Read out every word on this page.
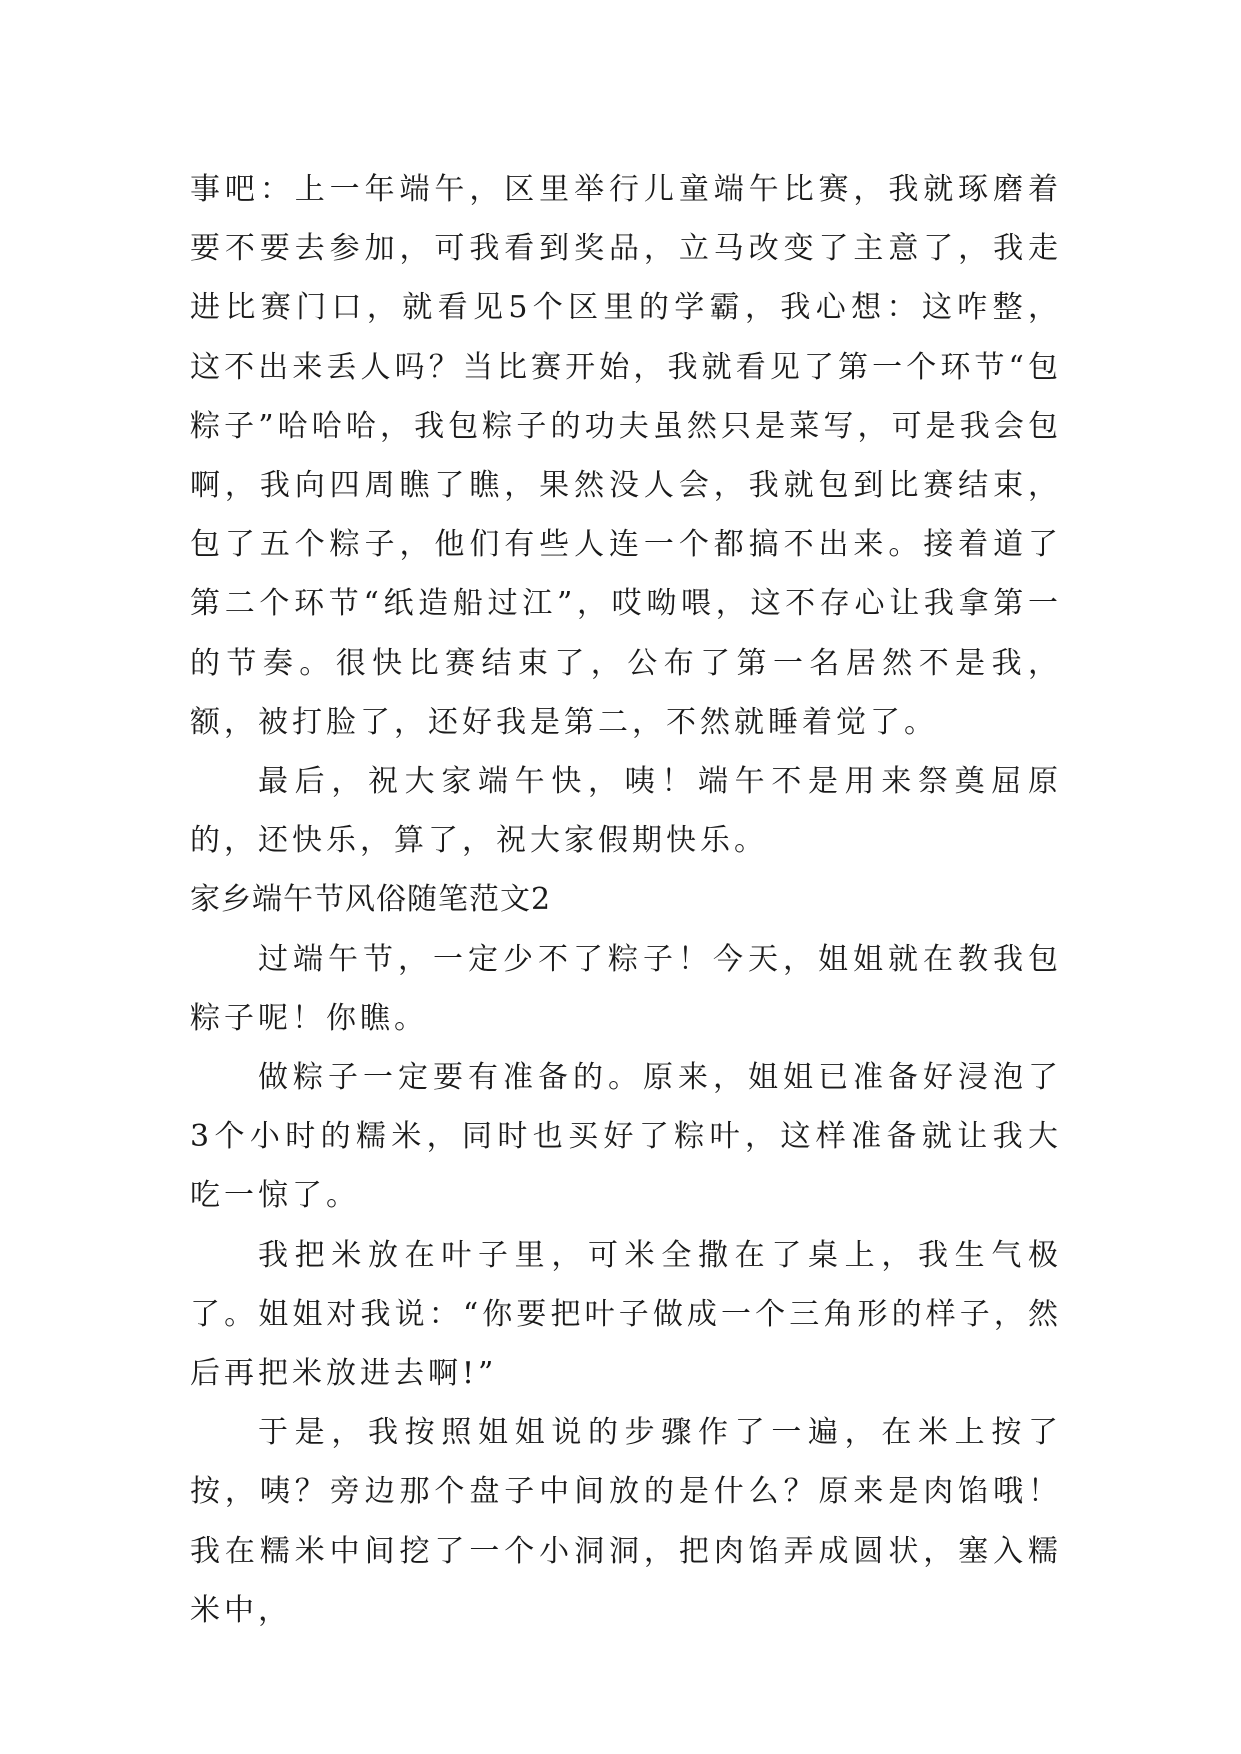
事吧：上一年端午，区里举行儿童端午比赛，我就琢磨着要不要去参加，可我看到奖品，立马改变了主意了，我走进比赛门口，就看见5个区里的学霸，我心想：这咋整，这不出来丢人吗？当比赛开始，我就看见了第一个环节“包粽子”哈哈哈，我包粽子的功夫虽然只是菜写，可是我会包啊，我向四周瞧了瞧，果然没人会，我就包到比赛结束，包了五个粽子，他们有些人连一个都搞不出来。接着道了第二个环节“纸造船过江”，哎呦喂，这不存心让我拿第一的节奏。很快比赛结束了，公布了第一名居然不是我，额，被打脸了，还好我是第二，不然就睡着觉了。

最后，祝大家端午快，咦！端午不是用来祭奠屈原的，还快乐，算了，祝大家假期快乐。

家乡端午节风俗随笔范文2

过端午节，一定少不了粽子！今天，姐姐就在教我包粽子呢！你瞧。

做粽子一定要有准备的。原来，姐姐已准备好浸泡了3个小时的糯米，同时也买好了粽叶，这样准备就让我大吃一惊了。

我把米放在叶子里，可米全撒在了桌上，我生气极了。姐姐对我说：“你要把叶子做成一个三角形的样子，然后再把米放进去啊!”

于是，我按照姐姐说的步骤作了一遍，在米上按了按，咦？旁边那个盘子中间放的是什么？原来是肉馅哦！我在糯米中间挖了一个小洞洞，把肉馅弄成圆状，塞入糯米中，
